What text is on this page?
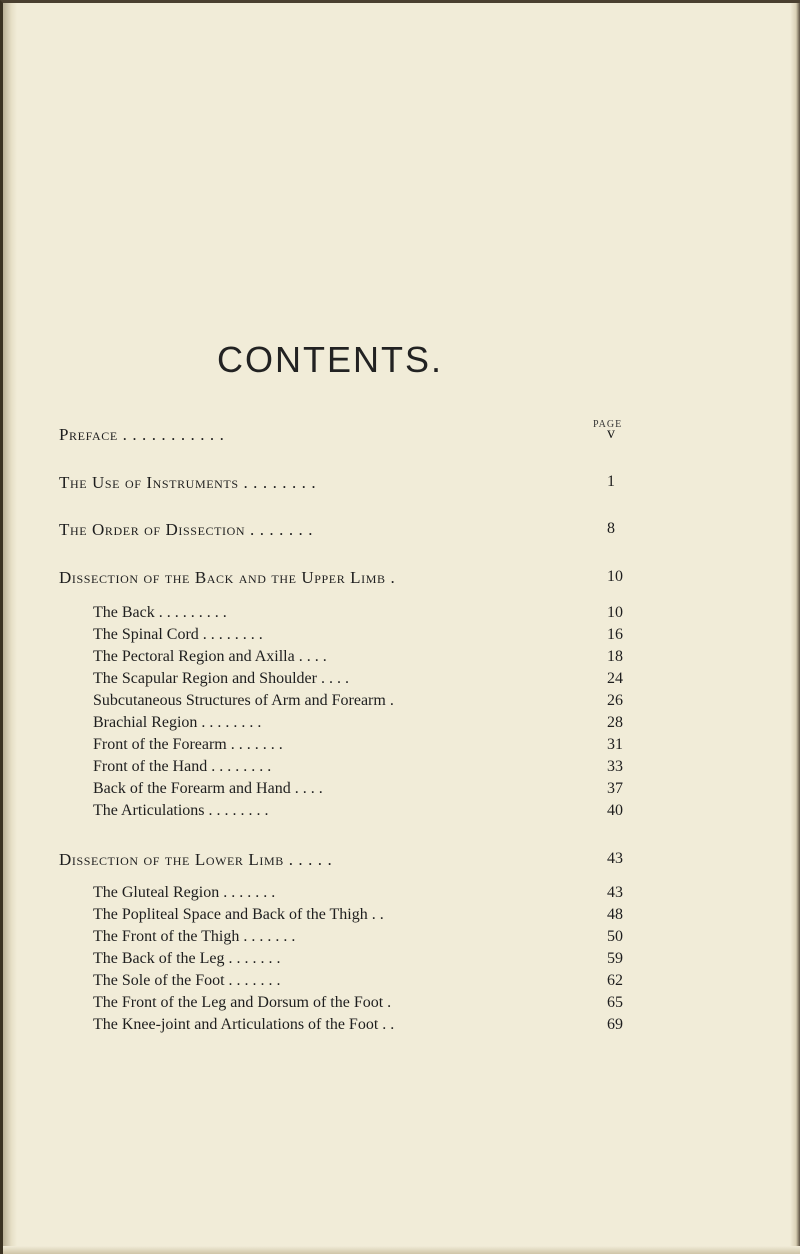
CONTENTS.
PAGE
Preface . . . . . . . . . . .	v
The Use of Instruments . . . . . . . .	1
The Order of Dissection . . . . . . .	8
Dissection of the Back and the Upper Limb .	10
The Back . . . . . . . . .	10
The Spinal Cord . . . . . . . .	16
The Pectoral Region and Axilla . . . .	18
The Scapular Region and Shoulder . . . .	24
Subcutaneous Structures of Arm and Forearm .	26
Brachial Region . . . . . . . .	28
Front of the Forearm . . . . . . .	31
Front of the Hand . . . . . . . .	33
Back of the Forearm and Hand . . . .	37
The Articulations . . . . . . . .	40
Dissection of the Lower Limb . . . . .	43
The Gluteal Region . . . . . . .	43
The Popliteal Space and Back of the Thigh . .	48
The Front of the Thigh . . . . . . .	50
The Back of the Leg . . . . . . .	59
The Sole of the Foot . . . . . . .	62
The Front of the Leg and Dorsum of the Foot .	65
The Knee-joint and Articulations of the Foot . .	69
